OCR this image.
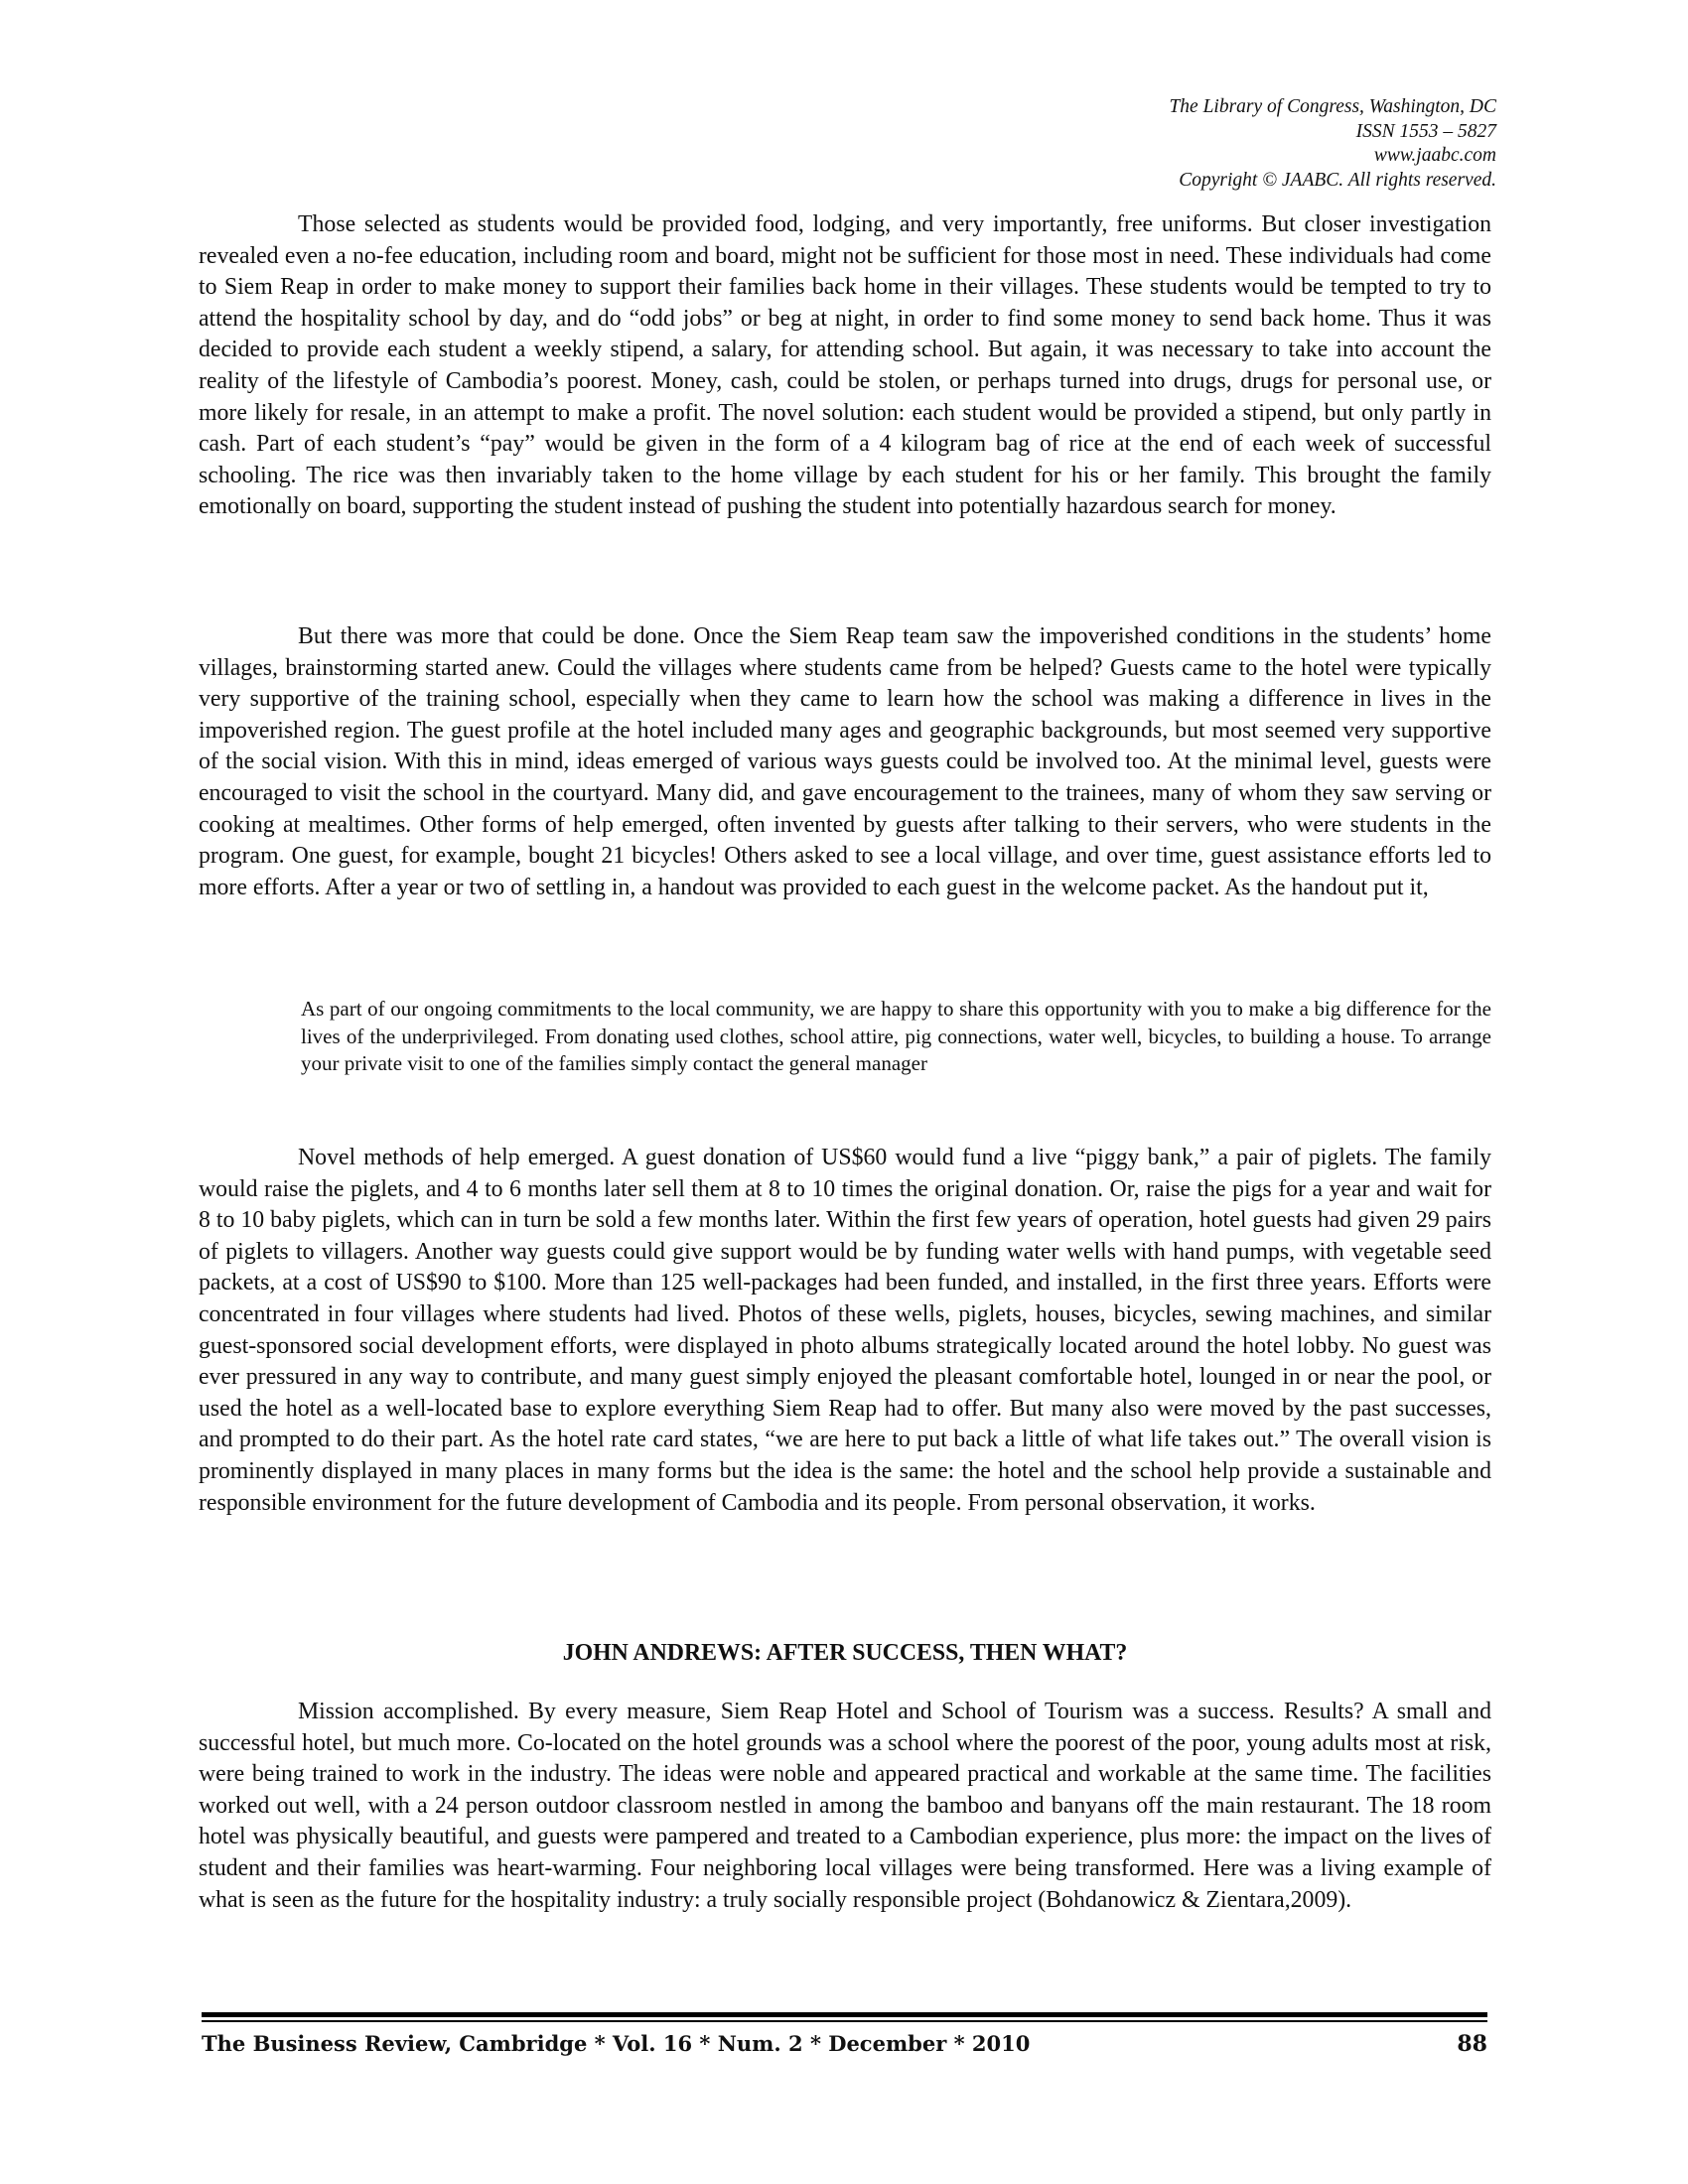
The Library of Congress, Washington, DC
ISSN 1553 – 5827
www.jaabc.com
Copyright © JAABC. All rights reserved.

Those selected as students would be provided food, lodging, and very importantly, free uniforms. But closer investigation revealed even a no-fee education, including room and board, might not be sufficient for those most in need. These individuals had come to Siem Reap in order to make money to support their families back home in their villages. These students would be tempted to try to attend the hospitality school by day, and do “odd jobs” or beg at night, in order to find some money to send back home. Thus it was decided to provide each student a weekly stipend, a salary, for attending school. But again, it was necessary to take into account the reality of the lifestyle of Cambodia’s poorest. Money, cash, could be stolen, or perhaps turned into drugs, drugs for personal use, or more likely for resale, in an attempt to make a profit. The novel solution: each student would be provided a stipend, but only partly in cash. Part of each student’s “pay” would be given in the form of a 4 kilogram bag of rice at the end of each week of successful schooling. The rice was then invariably taken to the home village by each student for his or her family. This brought the family emotionally on board, supporting the student instead of pushing the student into potentially hazardous search for money.

But there was more that could be done. Once the Siem Reap team saw the impoverished conditions in the students’ home villages, brainstorming started anew. Could the villages where students came from be helped? Guests came to the hotel were typically very supportive of the training school, especially when they came to learn how the school was making a difference in lives in the impoverished region. The guest profile at the hotel included many ages and geographic backgrounds, but most seemed very supportive of the social vision. With this in mind, ideas emerged of various ways guests could be involved too. At the minimal level, guests were encouraged to visit the school in the courtyard. Many did, and gave encouragement to the trainees, many of whom they saw serving or cooking at mealtimes. Other forms of help emerged, often invented by guests after talking to their servers, who were students in the program. One guest, for example, bought 21 bicycles! Others asked to see a local village, and over time, guest assistance efforts led to more efforts. After a year or two of settling in, a handout was provided to each guest in the welcome packet. As the handout put it,

As part of our ongoing commitments to the local community, we are happy to share this opportunity with you to make a big difference for the lives of the underprivileged. From donating used clothes, school attire, pig connections, water well, bicycles, to building a house. To arrange your private visit to one of the families simply contact the general manager

Novel methods of help emerged. A guest donation of US$60 would fund a live “piggy bank,” a pair of piglets. The family would raise the piglets, and 4 to 6 months later sell them at 8 to 10 times the original donation. Or, raise the pigs for a year and wait for 8 to 10 baby piglets, which can in turn be sold a few months later. Within the first few years of operation, hotel guests had given 29 pairs of piglets to villagers. Another way guests could give support would be by funding water wells with hand pumps, with vegetable seed packets, at a cost of US$90 to $100. More than 125 well-packages had been funded, and installed, in the first three years. Efforts were concentrated in four villages where students had lived. Photos of these wells, piglets, houses, bicycles, sewing machines, and similar guest-sponsored social development efforts, were displayed in photo albums strategically located around the hotel lobby. No guest was ever pressured in any way to contribute, and many guest simply enjoyed the pleasant comfortable hotel, lounged in or near the pool, or used the hotel as a well-located base to explore everything Siem Reap had to offer. But many also were moved by the past successes, and prompted to do their part. As the hotel rate card states, “we are here to put back a little of what life takes out.” The overall vision is prominently displayed in many places in many forms but the idea is the same: the hotel and the school help provide a sustainable and responsible environment for the future development of Cambodia and its people. From personal observation, it works.

JOHN ANDREWS: AFTER SUCCESS, THEN WHAT?

Mission accomplished. By every measure, Siem Reap Hotel and School of Tourism was a success. Results? A small and successful hotel, but much more. Co-located on the hotel grounds was a school where the poorest of the poor, young adults most at risk, were being trained to work in the industry. The ideas were noble and appeared practical and workable at the same time. The facilities worked out well, with a 24 person outdoor classroom nestled in among the bamboo and banyans off the main restaurant. The 18 room hotel was physically beautiful, and guests were pampered and treated to a Cambodian experience, plus more: the impact on the lives of student and their families was heart-warming. Four neighboring local villages were being transformed. Here was a living example of what is seen as the future for the hospitality industry: a truly socially responsible project (Bohdanowicz & Zientara,2009).

The Business Review, Cambridge * Vol. 16 * Num. 2 * December * 2010	88
